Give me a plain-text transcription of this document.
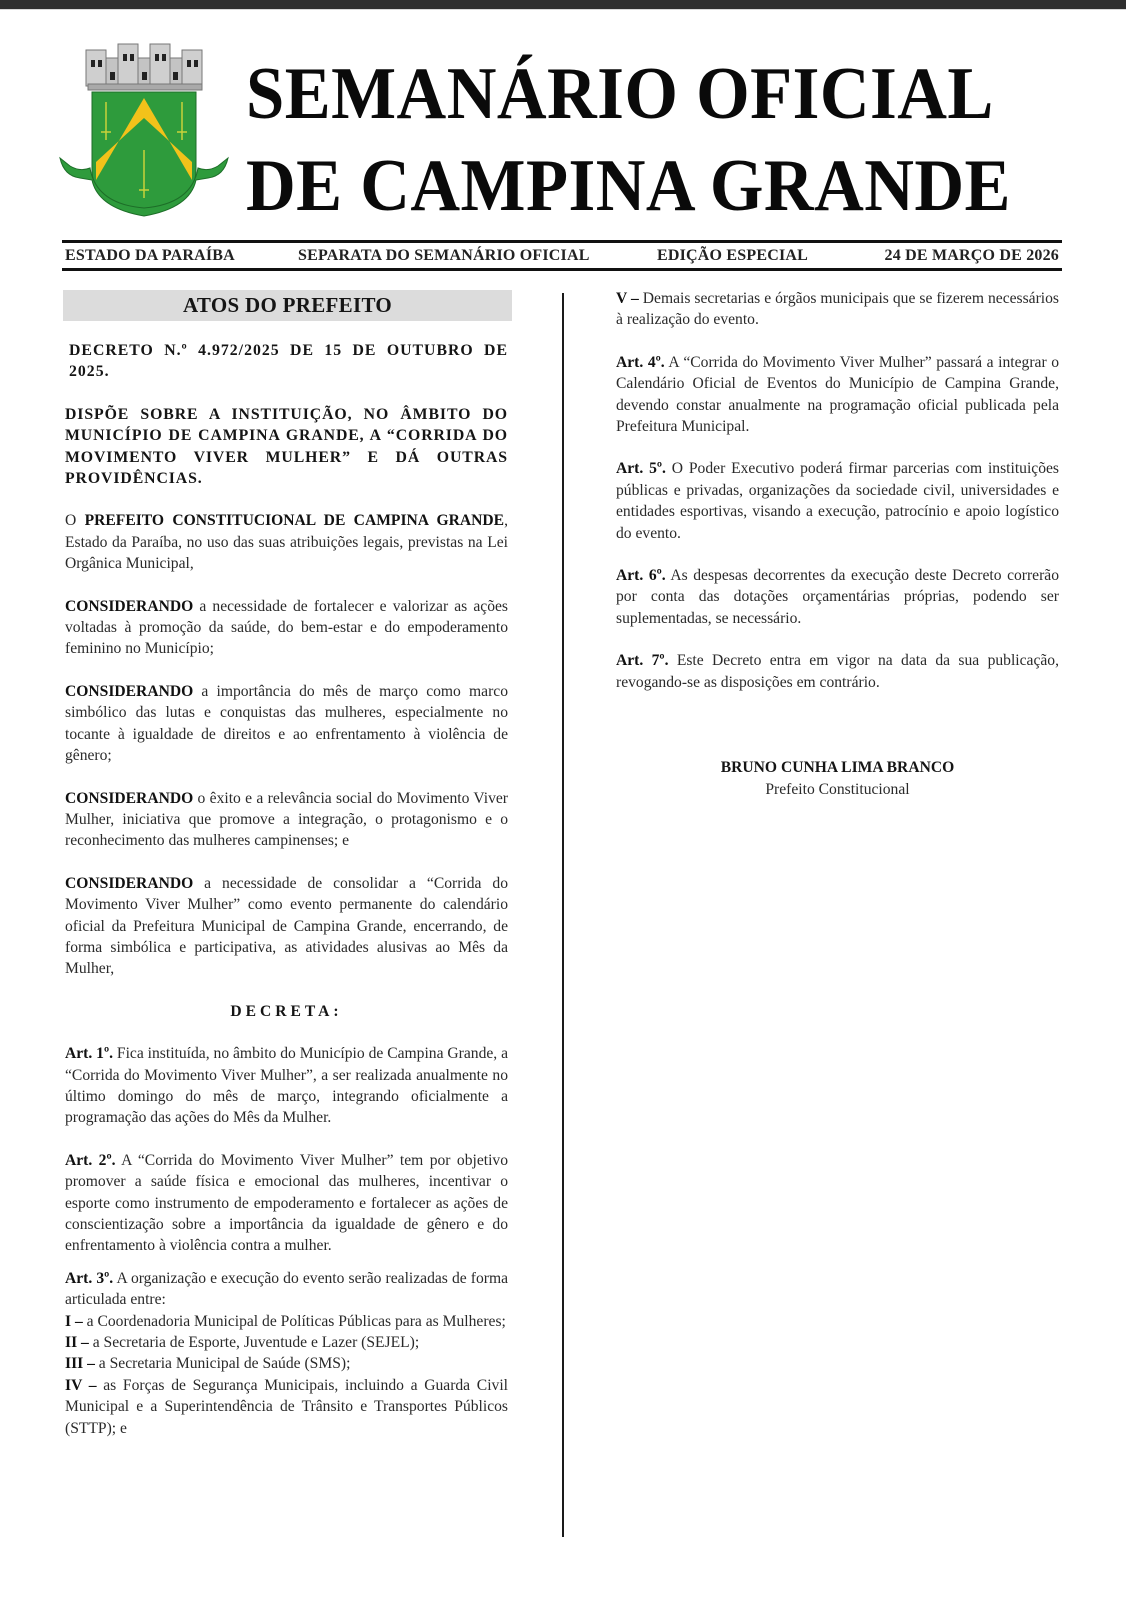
SEMANÁRIO OFICIAL
DE CAMPINA GRANDE
ESTADO DA PARAÍBA	SEPARATA DO SEMANÁRIO OFICIAL	EDIÇÃO ESPECIAL	24 DE MARÇO DE 2026
ATOS DO PREFEITO

DECRETO N.º 4.972/2025 DE 15 DE OUTUBRO DE 2025.

DISPÕE SOBRE A INSTITUIÇÃO, NO ÂMBITO DO MUNICÍPIO DE CAMPINA GRANDE, A “CORRIDA DO MOVIMENTO VIVER MULHER” E DÁ OUTRAS PROVIDÊNCIAS.

O PREFEITO CONSTITUCIONAL DE CAMPINA GRANDE, Estado da Paraíba, no uso das suas atribuições legais, previstas na Lei Orgânica Municipal,

CONSIDERANDO a necessidade de fortalecer e valorizar as ações voltadas à promoção da saúde, do bem-estar e do empoderamento feminino no Município;

CONSIDERANDO a importância do mês de março como marco simbólico das lutas e conquistas das mulheres, especialmente no tocante à igualdade de direitos e ao enfrentamento à violência de gênero;

CONSIDERANDO o êxito e a relevância social do Movimento Viver Mulher, iniciativa que promove a integração, o protagonismo e o reconhecimento das mulheres campinenses; e

CONSIDERANDO a necessidade de consolidar a “Corrida do Movimento Viver Mulher” como evento permanente do calendário oficial da Prefeitura Municipal de Campina Grande, encerrando, de forma simbólica e participativa, as atividades alusivas ao Mês da Mulher,

DECRETA:

Art. 1º. Fica instituída, no âmbito do Município de Campina Grande, a “Corrida do Movimento Viver Mulher”, a ser realizada anualmente no último domingo do mês de março, integrando oficialmente a programação das ações do Mês da Mulher.

Art. 2º. A “Corrida do Movimento Viver Mulher” tem por objetivo promover a saúde física e emocional das mulheres, incentivar o esporte como instrumento de empoderamento e fortalecer as ações de conscientização sobre a importância da igualdade de gênero e do enfrentamento à violência contra a mulher.

Art. 3º. A organização e execução do evento serão realizadas de forma articulada entre:

I – a Coordenadoria Municipal de Políticas Públicas para as Mulheres;

II – a Secretaria de Esporte, Juventude e Lazer (SEJEL);

III – a Secretaria Municipal de Saúde (SMS);

IV – as Forças de Segurança Municipais, incluindo a Guarda Civil Municipal e a Superintendência de Trânsito e Transportes Públicos (STTP); e

V – Demais secretarias e órgãos municipais que se fizerem necessários à realização do evento.

Art. 4º. A “Corrida do Movimento Viver Mulher” passará a integrar o Calendário Oficial de Eventos do Município de Campina Grande, devendo constar anualmente na programação oficial publicada pela Prefeitura Municipal.

Art. 5º. O Poder Executivo poderá firmar parcerias com instituições públicas e privadas, organizações da sociedade civil, universidades e entidades esportivas, visando a execução, patrocínio e apoio logístico do evento.

Art. 6º. As despesas decorrentes da execução deste Decreto correrão por conta das dotações orçamentárias próprias, podendo ser suplementadas, se necessário.

Art. 7º. Este Decreto entra em vigor na data da sua publicação, revogando-se as disposições em contrário.

BRUNO CUNHA LIMA BRANCO
Prefeito Constitucional
